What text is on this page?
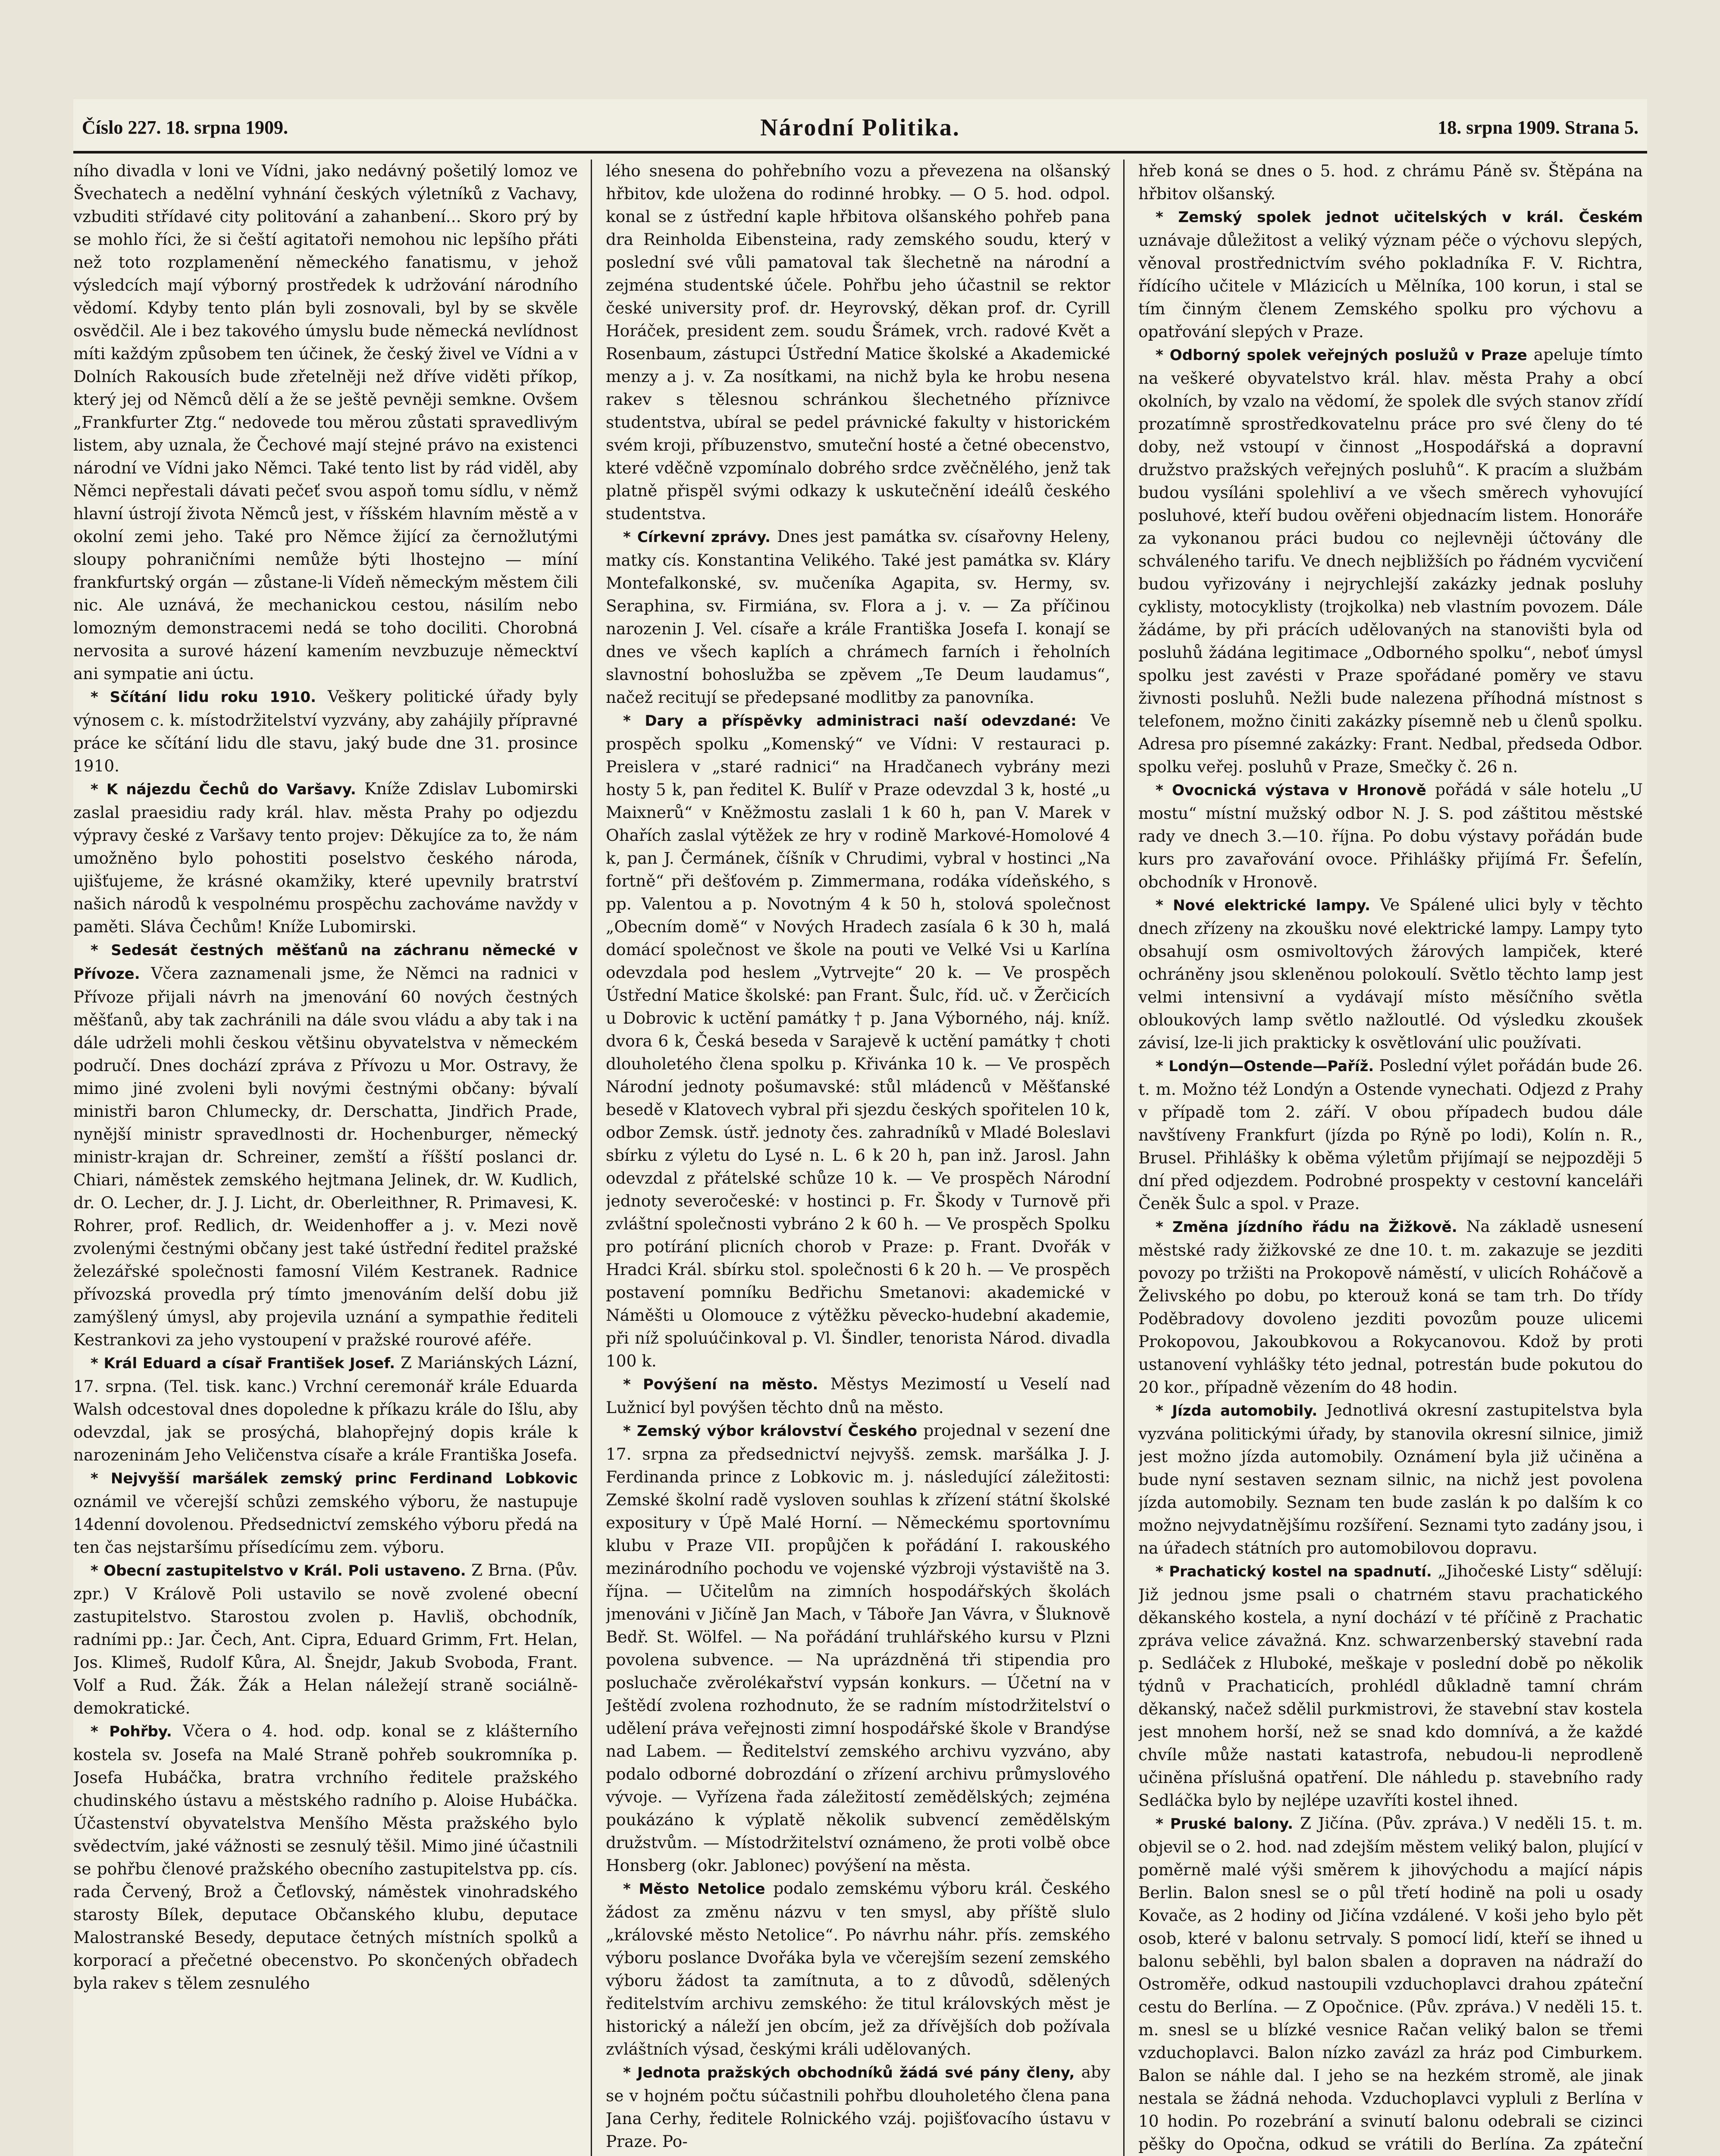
Číslo 227. 18. srpna 1909.	Národní Politika.	18. srpna 1909. Strana 5.

ního divadla v loni ve Vídni, jako nedávný pošetilý lomoz ve Švechatech a nedělní vyhnání českých výletníků z Vachavy, vzbuditi střídavé city politování a zahanbení... Skoro prý by se mohlo říci, že si čeští agitatoři nemohou nic lepšího přáti než toto rozplamenění německého fanatismu, v jehož výsledcích mají výborný prostředek k udržování národního vědomí. Kdyby tento plán byli zosnovali, byl by se skvěle osvědčil. Ale i bez takového úmyslu bude německá nevlídnost míti každým způsobem ten účinek, že český živel ve Vídni a v Dolních Rakousích bude zřetelněji než dříve viděti příkop, který jej od Němců dělí a že se ještě pevněji semkne. Ovšem „Frankfurter Ztg.“ nedovede tou měrou zůstati spravedlivým listem, aby uznala, že Čechové mají stejné právo na existenci národní ve Vídni jako Němci. Také tento list by rád viděl, aby Němci nepřestali dávati pečeť svou aspoň tomu sídlu, v němž hlavní ústrojí života Němců jest, v říšském hlavním městě a v okolní zemi jeho. Také pro Němce žijící za černožlutými sloupy pohraničními nemůže býti lhostejno — míní frankfurtský orgán — zůstane-li Vídeň německým městem čili nic. Ale uznává, že mechanickou cestou, násilím nebo lomozným demonstracemi nedá se toho dociliti. Chorobná nervosita a surové házení kamením nevzbuzuje německtví ani sympatie ani úctu.

* Sčítání lidu roku 1910. Veškery politické úřady byly výnosem c. k. místodržitelství vyzvány, aby zahájily přípravné práce ke sčítání lidu dle stavu, jaký bude dne 31. prosince 1910.

* K nájezdu Čechů do Varšavy. Kníže Zdislav Lubomirski zaslal praesidiu rady král. hlav. města Prahy po odjezdu výpravy české z Varšavy tento projev: Děkujíce za to, že nám umožněno bylo pohostiti poselstvo českého národa, ujišťujeme, že krásné okamžiky, které upevnily bratrství našich národů k vespolnému prospěchu zachováme navždy v paměti. Sláva Čechům! Kníže Lubomirski.

* Sedesát čestných měšťanů na záchranu německé v Přívoze. Včera zaznamenali jsme, že Němci na radnici v Přívoze přijali návrh na jmenování 60 nových čestných měšťanů, aby tak zachránili na dále svou vládu a aby tak i na dále udrželi mohli českou většinu obyvatelstva v německém područí. Dnes dochází zpráva z Přívozu u Mor. Ostravy, že mimo jiné zvoleni byli novými čestnými občany: bývalí ministři baron Chlumecky, dr. Derschatta, Jindřich Prade, nynější ministr spravedlnosti dr. Hochenburger, německý ministr-krajan dr. Schreiner, zemští a říšští poslanci dr. Chiari, náměstek zemského hejtmana Jelinek, dr. W. Kudlich, dr. O. Lecher, dr. J. J. Licht, dr. Oberleithner, R. Primavesi, K. Rohrer, prof. Redlich, dr. Weidenhoffer a j. v. Mezi nově zvolenými čestnými občany jest také ústřední ředitel pražské železářské společnosti famosní Vilém Kestranek. Radnice přívozská provedla prý tímto jmenováním delší dobu již zamýšlený úmysl, aby projevila uznání a sympathie řediteli Kestrankovi za jeho vystoupení v pražské rourové aféře.

* Král Eduard a císař František Josef. Z Mariánských Lázní, 17. srpna. (Tel. tisk. kanc.) Vrchní ceremonář krále Eduarda Walsh odcestoval dnes dopoledne k příkazu krále do Išlu, aby odevzdal, jak se prosýchá, blahopřejný dopis krále k narozeninám Jeho Veličenstva císaře a krále Františka Josefa.

* Nejvyšší maršálek zemský princ Ferdinand Lobkovic oznámil ve včerejší schůzi zemského výboru, že nastupuje 14denní dovolenou. Předsednictví zemského výboru předá na ten čas nejstaršímu přísedícímu zem. výboru.

* Obecní zastupitelstvo v Král. Poli ustaveno. Z Brna. (Pův. zpr.) V Králově Poli ustavilo se nově zvolené obecní zastupitelstvo. Starostou zvolen p. Havliš, obchodník, radními pp.: Jar. Čech, Ant. Cipra, Eduard Grimm, Frt. Helan, Jos. Klimeš, Rudolf Kůra, Al. Šnejdr, Jakub Svoboda, Frant. Volf a Rud. Žák. Žák a Helan náležejí straně sociálně-demokratické.

* Pohřby. Včera o 4. hod. odp. konal se z klášterního kostela sv. Josefa na Malé Straně pohřeb soukromníka p. Josefa Hubáčka, bratra vrchního ředitele pražského chudinského ústavu a městského radního p. Aloise Hubáčka. Účastenství obyvatelstva Menšího Města pražského bylo svědectvím, jaké vážnosti se zesnulý těšil. Mimo jiné účastnili se pohřbu členové pražského obecního zastupitelstva pp. cís. rada Červený, Brož a Čeťlovský, náměstek vinohradského starosty Bílek, deputace Občanského klubu, deputace Malostranské Besedy, deputace četných místních spolků a korporací a přečetné obecenstvo. Po skončených obřadech byla rakev s tělem zesnulého

lého snesena do pohřebního vozu a převezena na olšanský hřbitov, kde uložena do rodinné hrobky. — O 5. hod. odpol. konal se z ústřední kaple hřbitova olšanského pohřeb pana dra Reinholda Eibensteina, rady zemského soudu, který v poslední své vůli pamatoval tak šlechetně na národní a zejména studentské účele. Pohřbu jeho účastnil se rektor české university prof. dr. Heyrovský, děkan prof. dr. Cyrill Horáček, president zem. soudu Šrámek, vrch. radové Květ a Rosenbaum, zástupci Ústřední Matice školské a Akademické menzy a j. v. Za nosítkami, na nichž byla ke hrobu nesena rakev s tělesnou schránkou šlechetného příznivce studentstva, ubíral se pedel právnické fakulty v historickém svém kroji, příbuzenstvo, smuteční hosté a četné obecenstvo, které vděčně vzpomínalo dobrého srdce zvěčnělého, jenž tak platně přispěl svými odkazy k uskutečnění ideálů českého studentstva.

* Církevní zprávy. Dnes jest památka sv. císařovny Heleny, matky cís. Konstantina Velikého. Také jest památka sv. Kláry Montefalkonské, sv. mučeníka Agapita, sv. Hermy, sv. Seraphina, sv. Firmiána, sv. Flora a j. v. — Za příčinou narozenin J. Vel. císaře a krále Františka Josefa I. konají se dnes ve všech kaplích a chrámech farních i řeholních slavnostní bohoslužba se zpěvem „Te Deum laudamus“, načež recitují se předepsané modlitby za panovníka.

* Dary a příspěvky administraci naší odevzdané: Ve prospěch spolku „Komenský“ ve Vídni: V restauraci p. Preislera v „staré radnici“ na Hradčanech vybrány mezi hosty 5 k, pan ředitel K. Bulíř v Praze odevzdal 3 k, hosté „u Maixnerů“ v Kněžmostu zaslali 1 k 60 h, pan V. Marek v Ohařích zaslal výtěžek ze hry v rodině Markové-Homolové 4 k, pan J. Čermánek, číšník v Chrudimi, vybral v hostinci „Na fortně“ při dešťovém p. Zimmermana, rodáka vídeňského, s pp. Valentou a p. Novotným 4 k 50 h, stolová společnost „Obecním domě“ v Nových Hradech zasíala 6 k 30 h, malá domácí společnost ve škole na pouti ve Velké Vsi u Karlína odevzdala pod heslem „Vytrvejte“ 20 k. — Ve prospěch Ústřední Matice školské: pan Frant. Šulc, říd. uč. v Žerčicích u Dobrovic k uctění památky † p. Jana Výborného, náj. kníž. dvora 6 k, Česká beseda v Sarajevě k uctění památky † choti dlouholetého člena spolku p. Křivánka 10 k. — Ve prospěch Národní jednoty pošumavské: stůl mládenců v Měšťanské besedě v Klatovech vybral při sjezdu českých spořitelen 10 k, odbor Zemsk. ústř. jednoty čes. zahradníků v Mladé Boleslavi sbírku z výletu do Lysé n. L. 6 k 20 h, pan inž. Jarosl. Jahn odevzdal z přátelské schůze 10 k. — Ve prospěch Národní jednoty severočeské: v hostinci p. Fr. Škody v Turnově při zvláštní společnosti vybráno 2 k 60 h. — Ve prospěch Spolku pro potírání plicních chorob v Praze: p. Frant. Dvořák v Hradci Král. sbírku stol. společnosti 6 k 20 h. — Ve prospěch postavení pomníku Bedřichu Smetanovi: akademické v Náměšti u Olomouce z výtěžku pěvecko-hudební akademie, při níž spoluúčinkoval p. Vl. Šindler, tenorista Národ. divadla 100 k.

* Povýšení na město. Městys Mezimostí u Veselí nad Lužnicí byl povýšen těchto dnů na město.

* Zemský výbor království Českého projednal v sezení dne 17. srpna za předsednictví nejvyšš. zemsk. maršálka J. J. Ferdinanda prince z Lobkovic m. j. následující záležitosti: Zemské školní radě vysloven souhlas k zřízení státní školské expositury v Úpě Malé Horní. — Německému sportovnímu klubu v Praze VII. propůjčen k pořádání I. rakouského mezinárodního pochodu ve vojenské výzbroji výstaviště na 3. října. — Učitelům na zimních hospodářských školách jmenováni v Jičíně Jan Mach, v Táboře Jan Vávra, v Šluknově Bedř. St. Wölfel. — Na pořádání truhlářského kursu v Plzni povolena subvence. — Na uprázdněná tři stipendia pro posluchače zvěrolékařství vypsán konkurs. — Účetní na v Ještědí zvolena rozhodnuto, že se radním místodržitelství o udělení práva veřejnosti zimní hospodářské škole v Brandýse nad Labem. — Ředitelství zemského archivu vyzváno, aby podalo odborné dobrozdání o zřízení archivu průmyslového vývoje. — Vyřízena řada záležitostí zemědělských; zejména poukázáno k výplatě několik subvencí zemědělským družstvům. — Místodržitelství oznámeno, že proti volbě obce Honsberg (okr. Jablonec) povýšení na města.

* Město Netolice podalo zemskému výboru král. Českého žádost za změnu názvu v ten smysl, aby příště slulo „královské město Netolice“. Po návrhu náhr. přís. zemského výboru poslance Dvořáka byla ve včerejším sezení zemského výboru žádost ta zamítnuta, a to z důvodů, sdělených ředitelstvím archivu zemského: že titul královských měst je historický a náleží jen obcím, jež za dřívějších dob požívala zvláštních výsad, českými králi udělovaných.

* Jednota pražských obchodníků žádá své pány členy, aby se v hojném počtu súčastnili pohřbu dlouholetého člena pana Jana Cerhy, ředitele Rolnického vzáj. pojišťovacího ústavu v Praze. Po-

hřeb koná se dnes o 5. hod. z chrámu Páně sv. Štěpána na hřbitov olšanský.

* Zemský spolek jednot učitelských v král. Českém uznávaje důležitost a veliký význam péče o výchovu slepých, věnoval prostřednictvím svého pokladníka F. V. Richtra, řídícího učitele v Mlázicích u Mělníka, 100 korun, i stal se tím činným členem Zemského spolku pro výchovu a opatřování slepých v Praze.

* Odborný spolek veřejných poslužů v Praze apeluje tímto na veškeré obyvatelstvo král. hlav. města Prahy a obcí okolních, by vzalo na vědomí, že spolek dle svých stanov zřídí prozatímně sprostředkovatelnu práce pro své členy do té doby, než vstoupí v činnost „Hospodářská a dopravní družstvo pražských veřejných posluhů“. K pracím a službám budou vysíláni spolehliví a ve všech směrech vyhovující posluhové, kteří budou ověřeni objednacím listem. Honoráře za vykonanou práci budou co nejlevněji účtovány dle schváleného tarifu. Ve dnech nejbližších po řádném vycvičení budou vyřizovány i nejrychlejší zakázky jednak posluhy cyklisty, motocyklisty (trojkolka) neb vlastním povozem. Dále žádáme, by při prácích udělovaných na stanovišti byla od posluhů žádána legitimace „Odborného spolku“, neboť úmysl spolku jest zavésti v Praze spořádané poměry ve stavu živnosti posluhů. Nežli bude nalezena příhodná místnost s telefonem, možno činiti zakázky písemně neb u členů spolku. Adresa pro písemné zakázky: Frant. Nedbal, předseda Odbor. spolku veřej. posluhů v Praze, Smečky č. 26 n.

* Ovocnická výstava v Hronově pořádá v sále hotelu „U mostu“ místní mužský odbor N. J. S. pod záštitou městské rady ve dnech 3.—10. října. Po dobu výstavy pořádán bude kurs pro zavařování ovoce. Přihlášky přijímá Fr. Šefelín, obchodník v Hronově.

* Nové elektrické lampy. Ve Spálené ulici byly v těchto dnech zřízeny na zkoušku nové elektrické lampy. Lampy tyto obsahují osm osmivoltových žárových lampiček, které ochráněny jsou skleněnou polokoulí. Světlo těchto lamp jest velmi intensivní a vydávají místo měsíčního světla obloukových lamp světlo nažloutlé. Od výsledku zkoušek závisí, lze-li jich prakticky k osvětlování ulic používati.

* Londýn—Ostende—Paříž. Poslední výlet pořádán bude 26. t. m. Možno též Londýn a Ostende vynechati. Odjezd z Prahy v případě tom 2. září. V obou případech budou dále navštíveny Frankfurt (jízda po Rýně po lodi), Kolín n. R., Brusel. Přihlášky k oběma výletům přijímají se nejpozději 5 dní před odjezdem. Podrobné prospekty v cestovní kanceláři Čeněk Šulc a spol. v Praze.

* Změna jízdního řádu na Žižkově. Na základě usnesení městské rady žižkovské ze dne 10. t. m. zakazuje se jezditi povozy po tržišti na Prokopově náměstí, v ulicích Roháčově a Želivského po dobu, po kterouž koná se tam trh. Do třídy Poděbradovy dovoleno jezditi povozům pouze ulicemi Prokopovou, Jakoubkovou a Rokycanovou. Kdož by proti ustanovení vyhlášky této jednal, potrestán bude pokutou do 20 kor., případně vězením do 48 hodin.

* Jízda automobily. Jednotlivá okresní zastupitelstva byla vyzvána politickými úřady, by stanovila okresní silnice, jimiž jest možno jízda automobily. Oznámení byla již učiněna a bude nyní sestaven seznam silnic, na nichž jest povolena jízda automobily. Seznam ten bude zaslán k po dalším k co možno nejvydatnějšímu rozšíření. Seznami tyto zadány jsou, i na úřadech státních pro automobilovou dopravu.

* Prachatický kostel na spadnutí. „Jihočeské Listy“ sdělují: Již jednou jsme psali o chatrném stavu prachatického děkanského kostela, a nyní dochází v té příčině z Prachatic zpráva velice závažná. Knz. schwarzenberský stavební rada p. Sedláček z Hluboké, meškaje v poslední době po několik týdnů v Prachaticích, prohlédl důkladně tamní chrám děkanský, načež sdělil purkmistrovi, že stavební stav kostela jest mnohem horší, než se snad kdo domnívá, a že každé chvíle může nastati katastrofa, nebudou-li neprodleně učiněna příslušná opatření. Dle náhledu p. stavebního rady Sedláčka bylo by nejlépe uzavříti kostel ihned.

* Pruské balony. Z Jičína. (Pův. zpráva.) V neděli 15. t. m. objevil se o 2. hod. nad zdejším městem veliký balon, plující v poměrně malé výši směrem k jihovýchodu a mající nápis Berlin. Balon snesl se o půl třetí hodině na poli u osady Kovače, as 2 hodiny od Jičína vzdálené. V koši jeho bylo pět osob, které v balonu setrvaly. S pomocí lidí, kteří se ihned u balonu seběhli, byl balon sbalen a dopraven na nádraží do Ostroměře, odkud nastoupili vzduchoplavci drahou zpáteční cestu do Berlína. — Z Opočnice. (Pův. zpráva.) V neděli 15. t. m. snesl se u blízké vesnice Račan veliký balon se třemi vzduchoplavci. Balon nízko zavázl za hráz pod Cimburkem. Balon se náhle dal. I jeho se na hezkém stromě, ale jinak nestala se žádná nehoda. Vzduchoplavci vypluli z Berlína v 10 hodin. Po rozebrání a svinutí balonu odebrali se cizinci pěšky do Opočna, odkud se vrátili do Berlína. Za zpáteční
